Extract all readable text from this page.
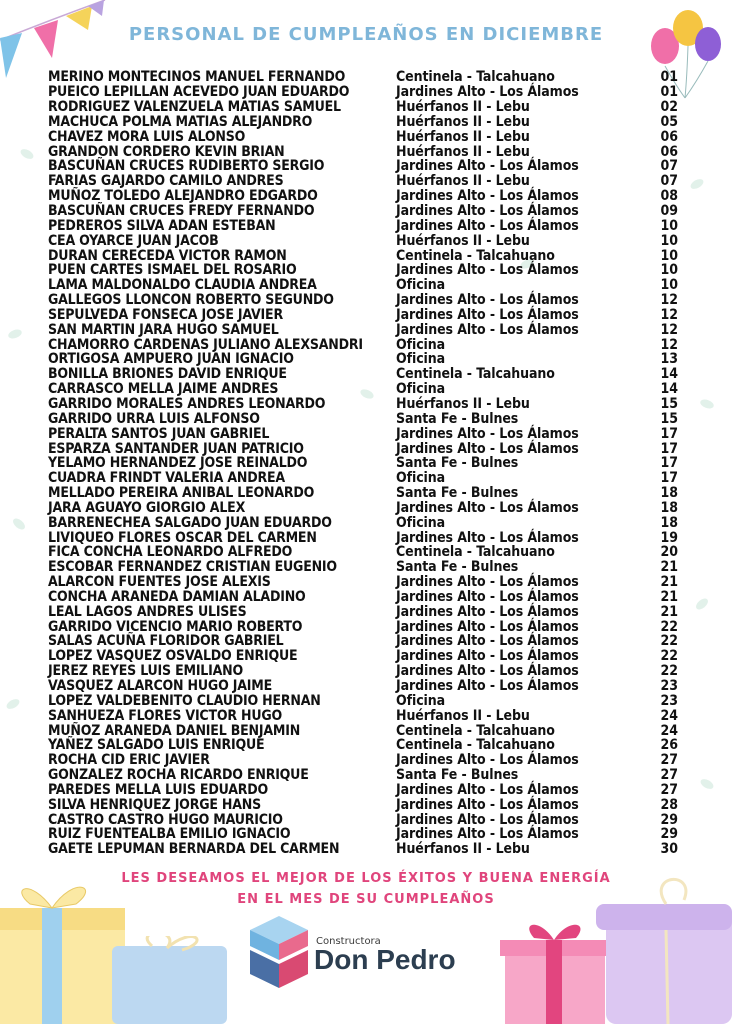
PERSONAL DE CUMPLEAÑOS EN DICIEMBRE
MERINO MONTECINOS MANUEL FERNANDO	Centinela - Talcahuano	01
PUEICO LEPILLAN ACEVEDO JUAN EDUARDO	Jardines Alto - Los Álamos	01
RODRIGUEZ VALENZUELA MATIAS SAMUEL	Huérfanos II - Lebu	02
MACHUCA POLMA MATIAS ALEJANDRO	Huérfanos II - Lebu	05
CHAVEZ MORA LUIS ALONSO	Huérfanos II - Lebu	06
GRANDON CORDERO KEVIN BRIAN	Huérfanos II - Lebu	06
BASCUÑAN CRUCES RUDIBERTO SERGIO	Jardines Alto - Los Álamos	07
FARIAS GAJARDO CAMILO ANDRES	Huérfanos II - Lebu	07
MUÑOZ TOLEDO ALEJANDRO EDGARDO	Jardines Alto - Los Álamos	08
BASCUÑAN CRUCES FREDY FERNANDO	Jardines Alto - Los Álamos	09
PEDREROS SILVA ADAN ESTEBAN	Jardines Alto - Los Álamos	10
CEA OYARCE JUAN JACOB	Huérfanos II - Lebu	10
DURAN CERECEDA VICTOR RAMON	Centinela - Talcahuano	10
PUEN CARTES ISMAEL DEL ROSARIO	Jardines Alto - Los Álamos	10
LAMA MALDONALDO CLAUDIA ANDREA	Oficina	10
GALLEGOS LLONCON ROBERTO SEGUNDO	Jardines Alto - Los Álamos	12
SEPULVEDA FONSECA JOSE JAVIER	Jardines Alto - Los Álamos	12
SAN MARTIN JARA HUGO SAMUEL	Jardines Alto - Los Álamos	12
CHAMORRO CARDENAS JULIANO ALEXSANDRI	Oficina	12
ORTIGOSA AMPUERO JUAN IGNACIO	Oficina	13
BONILLA BRIONES DAVID ENRIQUE	Centinela - Talcahuano	14
CARRASCO MELLA JAIME ANDRES	Oficina	14
GARRIDO MORALES ANDRES LEONARDO	Huérfanos II - Lebu	15
GARRIDO URRA LUIS ALFONSO	Santa Fe - Bulnes	15
PERALTA SANTOS JUAN GABRIEL	Jardines Alto - Los Álamos	17
ESPARZA SANTANDER JUAN PATRICIO	Jardines Alto - Los Álamos	17
YELAMO HERNANDEZ JOSE REINALDO	Santa Fe - Bulnes	17
CUADRA FRINDT VALERIA ANDREA	Oficina	17
MELLADO PEREIRA ANIBAL LEONARDO	Santa Fe - Bulnes	18
JARA AGUAYO GIORGIO ALEX	Jardines Alto - Los Álamos	18
BARRENECHEA SALGADO JUAN EDUARDO	Oficina	18
LIVIQUEO FLORES OSCAR DEL CARMEN	Jardines Alto - Los Álamos	19
FICA CONCHA LEONARDO ALFREDO	Centinela - Talcahuano	20
ESCOBAR FERNANDEZ CRISTIAN EUGENIO	Santa Fe - Bulnes	21
ALARCON FUENTES JOSE ALEXIS	Jardines Alto - Los Álamos	21
CONCHA ARANEDA DAMIAN ALADINO	Jardines Alto - Los Álamos	21
LEAL LAGOS ANDRES ULISES	Jardines Alto - Los Álamos	21
GARRIDO VICENCIO MARIO ROBERTO	Jardines Alto - Los Álamos	22
SALAS ACUÑA FLORIDOR GABRIEL	Jardines Alto - Los Álamos	22
LOPEZ VASQUEZ OSVALDO ENRIQUE	Jardines Alto - Los Álamos	22
JEREZ REYES LUIS EMILIANO	Jardines Alto - Los Álamos	22
VASQUEZ ALARCON HUGO JAIME	Jardines Alto - Los Álamos	23
LOPEZ VALDEBENITO CLAUDIO HERNAN	Oficina	23
SANHUEZA FLORES VICTOR HUGO	Huérfanos II - Lebu	24
MUÑOZ ARANEDA DANIEL BENJAMIN	Centinela - Talcahuano	24
YAÑEZ SALGADO LUIS ENRIQUE	Centinela - Talcahuano	26
ROCHA CID ERIC JAVIER	Jardines Alto - Los Álamos	27
GONZALEZ ROCHA RICARDO ENRIQUE	Santa Fe - Bulnes	27
PAREDES MELLA LUIS EDUARDO	Jardines Alto - Los Álamos	27
SILVA HENRIQUEZ JORGE HANS	Jardines Alto - Los Álamos	28
CASTRO CASTRO HUGO MAURICIO	Jardines Alto - Los Álamos	29
RUIZ FUENTEALBA EMILIO IGNACIO	Jardines Alto - Los Álamos	29
GAETE LEPUMAN BERNARDA DEL CARMEN	Huérfanos II - Lebu	30
LES DESEAMOS EL MEJOR DE LOS ÉXITOS Y BUENA ENERGÍA
EN EL MES DE SU CUMPLEAÑOS
Constructora
Don Pedro
